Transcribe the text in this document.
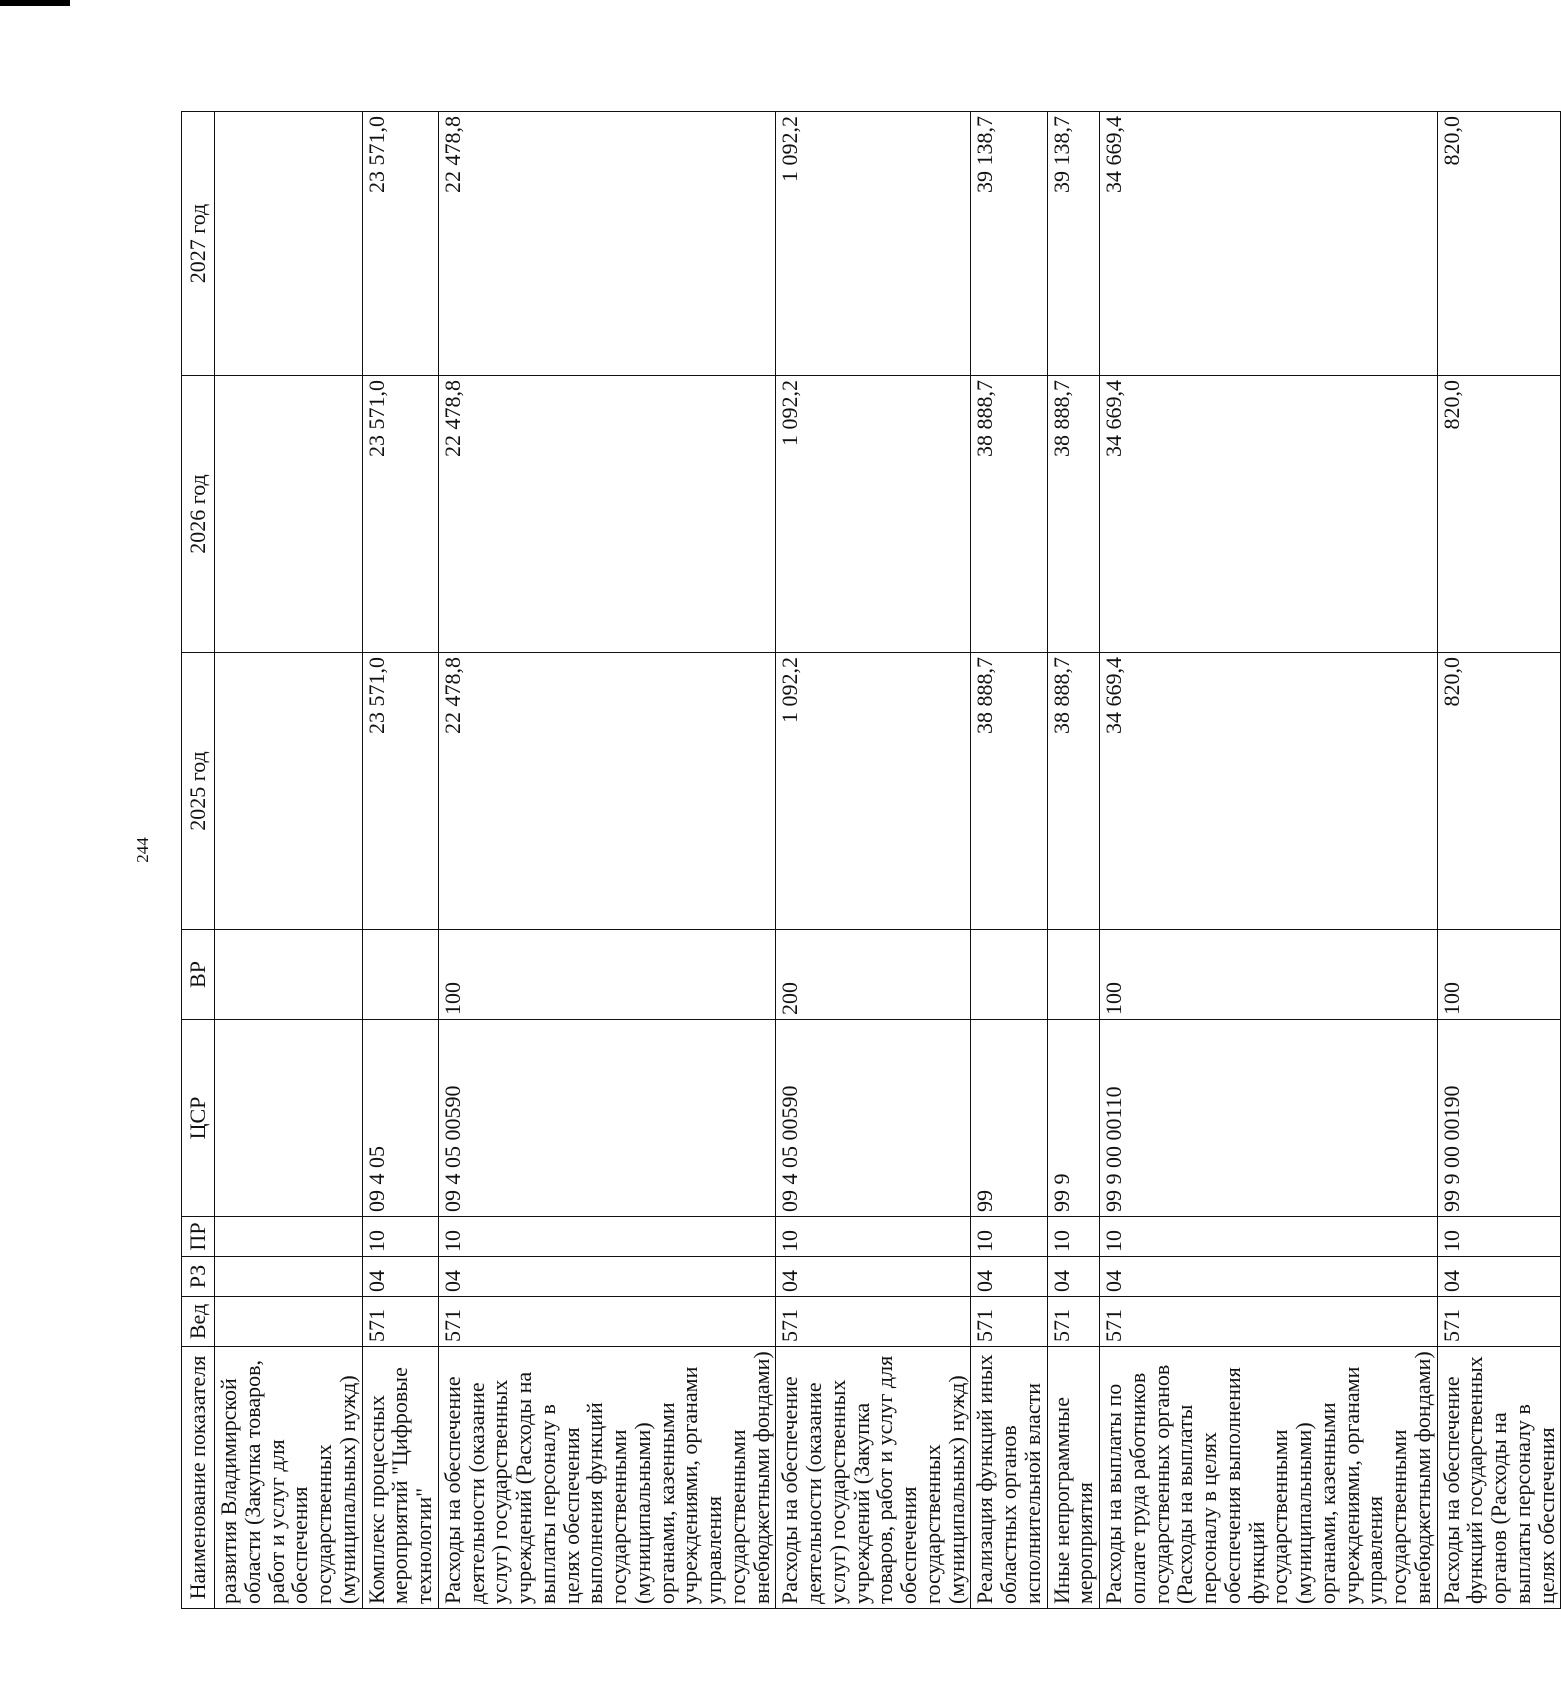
244
Наименование показателя	Вед	РЗ	ПР	ЦСР	ВР	2025 год	2026 год	2027 год
развития Владимирской области (Закупка товаров, работ и услуг для обеспечения государственных (муниципальных) нужд)								
Комплекс процессных мероприятий "Цифровые технологии"	571	04	10	09 4 05		23 571,0	23 571,0	23 571,0
Расходы на обеспечение деятельности (оказание услуг) государственных учреждений (Расходы на выплаты персоналу в целях обеспечения выполнения функций государственными (муниципальными) органами, казенными учреждениями, органами управления государственными внебюджетными фондами)	571	04	10	09 4 05 00590	100	22 478,8	22 478,8	22 478,8
Расходы на обеспечение деятельности (оказание услуг) государственных учреждений (Закупка товаров, работ и услуг для обеспечения государственных (муниципальных) нужд)	571	04	10	09 4 05 00590	200	1 092,2	1 092,2	1 092,2
Реализация функций иных областных органов исполнительной власти	571	04	10	99		38 888,7	38 888,7	39 138,7
Иные непрограммные мероприятия	571	04	10	99 9		38 888,7	38 888,7	39 138,7
Расходы на выплаты по оплате труда работников государственных органов (Расходы на выплаты персоналу в целях обеспечения выполнения функций государственными (муниципальными) органами, казенными учреждениями, органами управления государственными внебюджетными фондами)	571	04	10	99 9 00 00110	100	34 669,4	34 669,4	34 669,4
Расходы на обеспечение функций государственных органов (Расходы на выплаты персоналу в целях обеспечения	571	04	10	99 9 00 00190	100	820,0	820,0	820,0
